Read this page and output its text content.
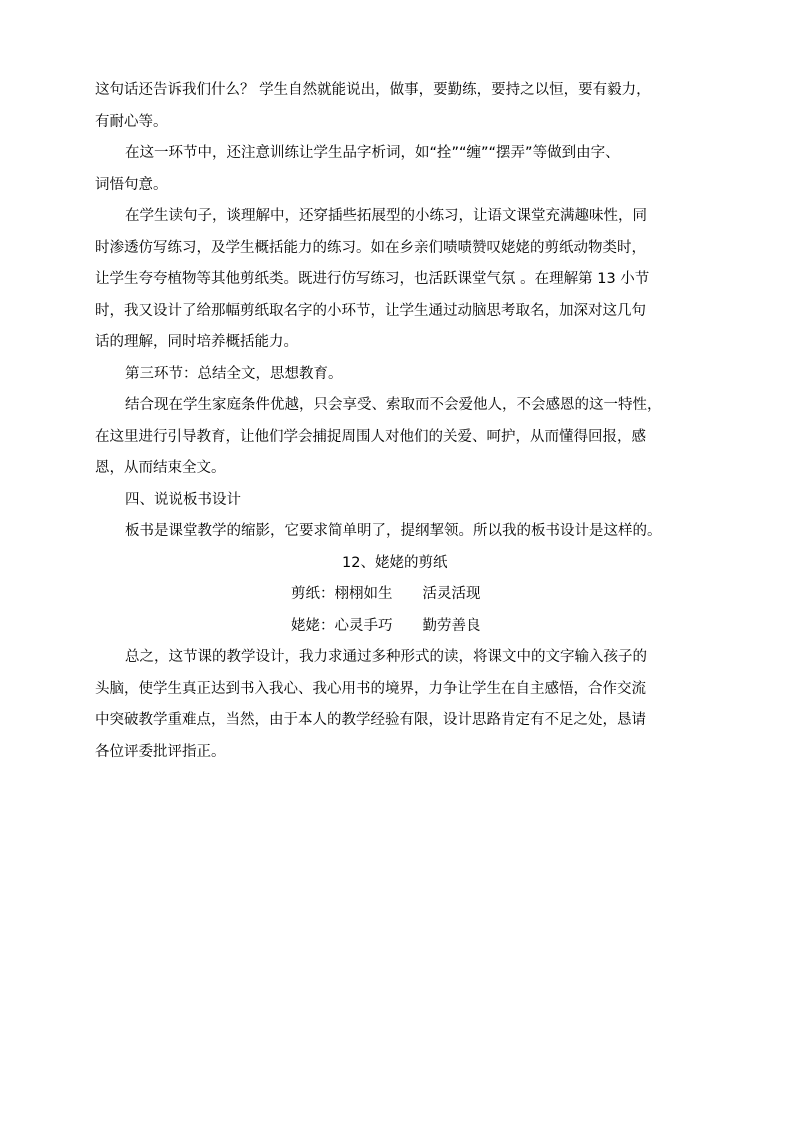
这句话还告诉我们什么？ 学生自然就能说出，做事，要勤练，要持之以恒，要有毅力，
有耐心等。
在这一环节中，还注意训练让学生品字析词，如“拴”“缠”“摆弄”等做到由字、
词悟句意。
在学生读句子，谈理解中，还穿插些拓展型的小练习，让语文课堂充满趣味性，同
时渗透仿写练习，及学生概括能力的练习。如在乡亲们啧啧赞叹姥姥的剪纸动物类时，
让学生夸夸植物等其他剪纸类。既进行仿写练习，也活跃课堂气氛 。在理解第 13 小节
时，我又设计了给那幅剪纸取名字的小环节，让学生通过动脑思考取名，加深对这几句
话的理解，同时培养概括能力。
第三环节：总结全文，思想教育。
结合现在学生家庭条件优越，只会享受、索取而不会爱他人，不会感恩的这一特性，
在这里进行引导教育，让他们学会捕捉周围人对他们的关爱、呵护，从而懂得回报，感
恩，从而结束全文。
四、说说板书设计
板书是课堂教学的缩影，它要求简单明了，提纲挈领。所以我的板书设计是这样的。
12、姥姥的剪纸
剪纸：栩栩如生 活灵活现
姥姥：心灵手巧 勤劳善良
总之，这节课的教学设计，我力求通过多种形式的读，将课文中的文字输入孩子的
头脑，使学生真正达到书入我心、我心用书的境界，力争让学生在自主感悟，合作交流
中突破教学重难点，当然，由于本人的教学经验有限，设计思路肯定有不足之处，恳请
各位评委批评指正。
